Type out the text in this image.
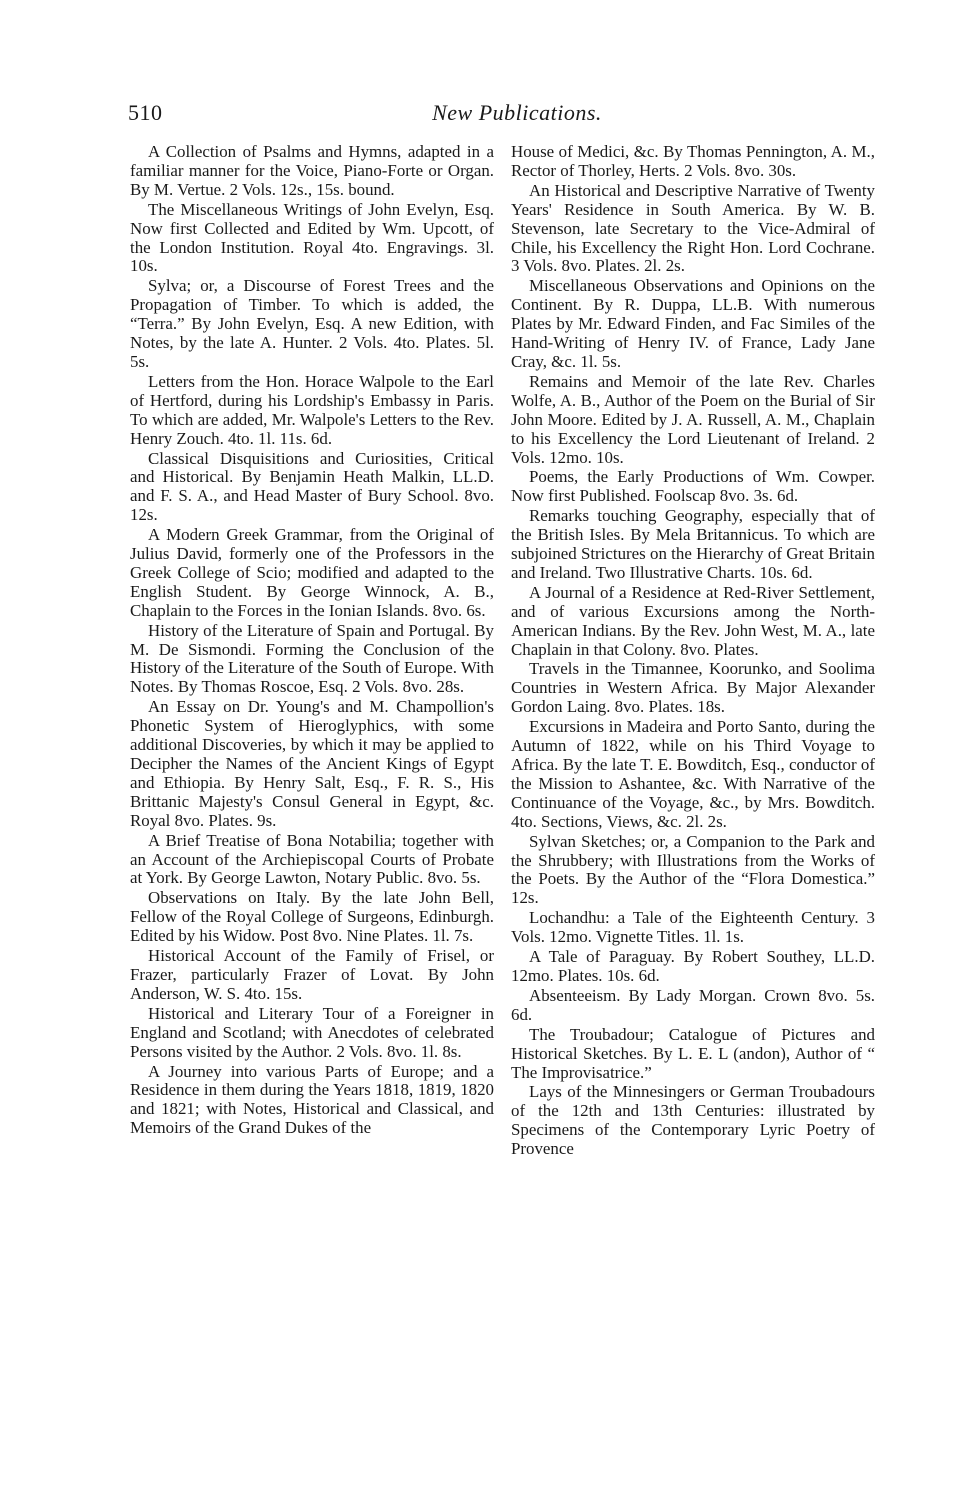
510	New Publications.

A Collection of Psalms and Hymns, adapted in a familiar manner for the Voice, Piano-Forte or Organ. By M. Vertue. 2 Vols. 12s., 15s. bound.

The Miscellaneous Writings of John Evelyn, Esq. Now first Collected and Edited by Wm. Upcott, of the London Institution. Royal 4to. Engravings. 3l. 10s.

Sylva; or, a Discourse of Forest Trees and the Propagation of Timber. To which is added, the “Terra.” By John Evelyn, Esq. A new Edition, with Notes, by the late A. Hunter. 2 Vols. 4to. Plates. 5l. 5s.

Letters from the Hon. Horace Walpole to the Earl of Hertford, during his Lordship's Embassy in Paris. To which are added, Mr. Walpole's Letters to the Rev. Henry Zouch. 4to. 1l. 11s. 6d.

Classical Disquisitions and Curiosities, Critical and Historical. By Benjamin Heath Malkin, LL.D. and F. S. A., and Head Master of Bury School. 8vo. 12s.

A Modern Greek Grammar, from the Original of Julius David, formerly one of the Professors in the Greek College of Scio; modified and adapted to the English Student. By George Winnock, A. B., Chaplain to the Forces in the Ionian Islands. 8vo. 6s.

History of the Literature of Spain and Portugal. By M. De Sismondi. Forming the Conclusion of the History of the Literature of the South of Europe. With Notes. By Thomas Roscoe, Esq. 2 Vols. 8vo. 28s.

An Essay on Dr. Young's and M. Champollion's Phonetic System of Hieroglyphics, with some additional Discoveries, by which it may be applied to Decipher the Names of the Ancient Kings of Egypt and Ethiopia. By Henry Salt, Esq., F. R. S., His Brittanic Majesty's Consul General in Egypt, &c. Royal 8vo. Plates. 9s.

A Brief Treatise of Bona Notabilia; together with an Account of the Archiepiscopal Courts of Probate at York. By George Lawton, Notary Public. 8vo. 5s.

Observations on Italy. By the late John Bell, Fellow of the Royal College of Surgeons, Edinburgh. Edited by his Widow. Post 8vo. Nine Plates. 1l. 7s.

Historical Account of the Family of Frisel, or Frazer, particularly Frazer of Lovat. By John Anderson, W. S. 4to. 15s.

Historical and Literary Tour of a Foreigner in England and Scotland; with Anecdotes of celebrated Persons visited by the Author. 2 Vols. 8vo. 1l. 8s.

A Journey into various Parts of Europe; and a Residence in them during the Years 1818, 1819, 1820 and 1821; with Notes, Historical and Classical, and Memoirs of the Grand Dukes of the

House of Medici, &c. By Thomas Pennington, A. M., Rector of Thorley, Herts. 2 Vols. 8vo. 30s.

An Historical and Descriptive Narrative of Twenty Years' Residence in South America. By W. B. Stevenson, late Secretary to the Vice-Admiral of Chile, his Excellency the Right Hon. Lord Cochrane. 3 Vols. 8vo. Plates. 2l. 2s.

Miscellaneous Observations and Opinions on the Continent. By R. Duppa, LL.B. With numerous Plates by Mr. Edward Finden, and Fac Similes of the Hand-Writing of Henry IV. of France, Lady Jane Cray, &c. 1l. 5s.

Remains and Memoir of the late Rev. Charles Wolfe, A. B., Author of the Poem on the Burial of Sir John Moore. Edited by J. A. Russell, A. M., Chaplain to his Excellency the Lord Lieutenant of Ireland. 2 Vols. 12mo. 10s.

Poems, the Early Productions of Wm. Cowper. Now first Published. Foolscap 8vo. 3s. 6d.

Remarks touching Geography, especially that of the British Isles. By Mela Britannicus. To which are subjoined Strictures on the Hierarchy of Great Britain and Ireland. Two Illustrative Charts. 10s. 6d.

A Journal of a Residence at Red-River Settlement, and of various Excursions among the North-American Indians. By the Rev. John West, M. A., late Chaplain in that Colony. 8vo. Plates.

Travels in the Timannee, Koorunko, and Soolima Countries in Western Africa. By Major Alexander Gordon Laing. 8vo. Plates. 18s.

Excursions in Madeira and Porto Santo, during the Autumn of 1822, while on his Third Voyage to Africa. By the late T. E. Bowditch, Esq., conductor of the Mission to Ashantee, &c. With Narrative of the Continuance of the Voyage, &c., by Mrs. Bowditch. 4to. Sections, Views, &c. 2l. 2s.

Sylvan Sketches; or, a Companion to the Park and the Shrubbery; with Illustrations from the Works of the Poets. By the Author of the “Flora Domestica.” 12s.

Lochandhu: a Tale of the Eighteenth Century. 3 Vols. 12mo. Vignette Titles. 1l. 1s.

A Tale of Paraguay. By Robert Southey, LL.D. 12mo. Plates. 10s. 6d.

Absenteeism. By Lady Morgan. Crown 8vo. 5s. 6d.

The Troubadour; Catalogue of Pictures and Historical Sketches. By L. E. L (andon), Author of “ The Improvisatrice.”

Lays of the Minnesingers or German Troubadours of the 12th and 13th Centuries: illustrated by Specimens of the Contemporary Lyric Poetry of Provence
